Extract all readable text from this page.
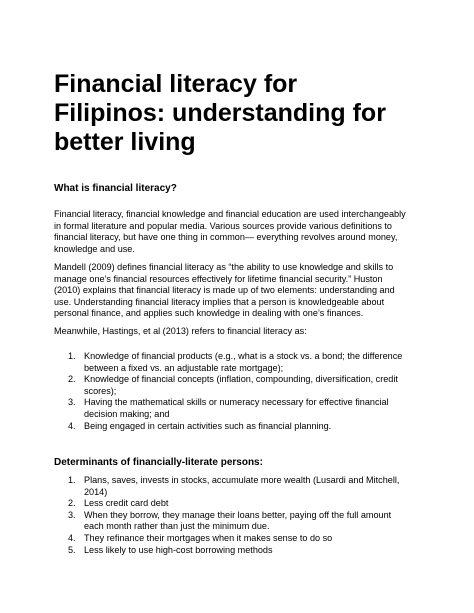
Financial literacy for
Filipinos: understanding for
better living
What is financial literacy?

Financial literacy, financial knowledge and financial education are used interchangeably
in formal literature and popular media. Various sources provide various definitions to
financial literacy, but have one thing in common— everything revolves around money,
knowledge and use.

Mandell (2009) defines financial literacy as “the ability to use knowledge and skills to
manage one’s financial resources effectively for lifetime financial security.” Huston
(2010) explains that financial literacy is made up of two elements: understanding and
use. Understanding financial literacy implies that a person is knowledgeable about
personal finance, and applies such knowledge in dealing with one’s finances.

Meanwhile, Hastings, et al (2013) refers to financial literacy as:

1. Knowledge of financial products (e.g., what is a stock vs. a bond; the difference
between a fixed vs. an adjustable rate mortgage);
2. Knowledge of financial concepts (inflation, compounding, diversification, credit
scores);
3. Having the mathematical skills or numeracy necessary for effective financial
decision making; and
4. Being engaged in certain activities such as financial planning.
Determinants of financially-literate persons:
1. Plans, saves, invests in stocks, accumulate more wealth (Lusardi and Mitchell,
2014)
2. Less credit card debt
3. When they borrow, they manage their loans better, paying off the full amount
each month rather than just the minimum due.
4. They refinance their mortgages when it makes sense to do so
5. Less likely to use high-cost borrowing methods
